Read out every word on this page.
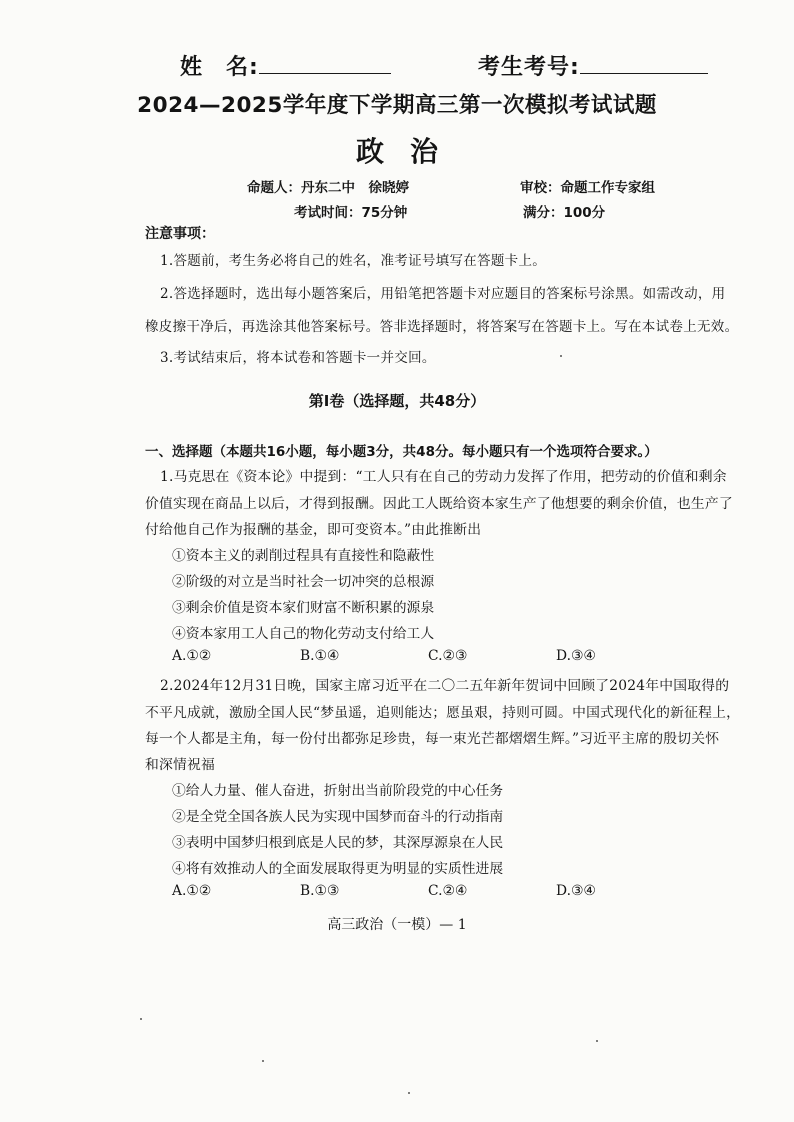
姓　名:	考生考号:
2024—2025学年度下学期高三第一次模拟考试试题
政治
命题人：丹东二中　徐晓婷	审校：命题工作专家组
考试时间：75分钟	满分：100分
注意事项：
1.答题前，考生务必将自己的姓名，准考证号填写在答题卡上。
2.答选择题时，选出每小题答案后，用铅笔把答题卡对应题目的答案标号涂黑。如需改动，用
橡皮擦干净后，再选涂其他答案标号。答非选择题时，将答案写在答题卡上。写在本试卷上无效。
3.考试结束后，将本试卷和答题卡一并交回。
第Ⅰ卷（选择题，共48分）
一、选择题（本题共16小题，每小题3分，共48分。每小题只有一个选项符合要求。）
1.马克思在《资本论》中提到：“工人只有在自己的劳动力发挥了作用，把劳动的价值和剩余
价值实现在商品上以后，才得到报酬。因此工人既给资本家生产了他想要的剩余价值，也生产了
付给他自己作为报酬的基金，即可变资本。”由此推断出
①资本主义的剥削过程具有直接性和隐蔽性
②阶级的对立是当时社会一切冲突的总根源
③剩余价值是资本家们财富不断积累的源泉
④资本家用工人自己的物化劳动支付给工人
A.①②	B.①④	C.②③	D.③④
2.2024年12月31日晚，国家主席习近平在二〇二五年新年贺词中回顾了2024年中国取得的
不平凡成就，激励全国人民“梦虽遥，追则能达；愿虽艰，持则可圆。中国式现代化的新征程上，
每一个人都是主角，每一份付出都弥足珍贵，每一束光芒都熠熠生辉。”习近平主席的殷切关怀
和深情祝福
①给人力量、催人奋进，折射出当前阶段党的中心任务
②是全党全国各族人民为实现中国梦而奋斗的行动指南
③表明中国梦归根到底是人民的梦，其深厚源泉在人民
④将有效推动人的全面发展取得更为明显的实质性进展
A.①②	B.①③	C.②④	D.③④
高三政治（一模）— 1
